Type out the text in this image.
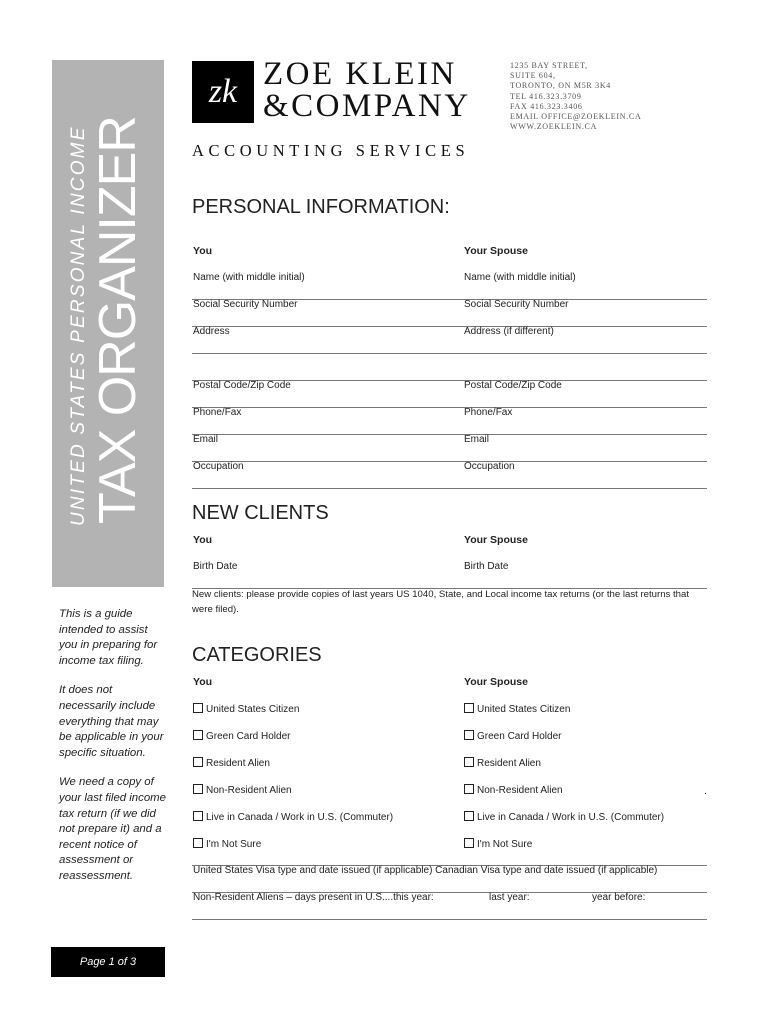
UNITED STATES PERSONAL INCOME TAX ORGANIZER

This is a guide intended to assist you in preparing for income tax filing.

It does not necessarily include everything that may be applicable in your specific situation.

We need a copy of your last filed income tax return (if we did not prepare it) and a recent notice of assessment or reassessment.

Page 1 of 3
zk ZOE KLEIN
&COMPANY
ACCOUNTING SERVICES
1235 BAY STREET,
SUITE 604,
TORONTO, ON M5R 3K4
TEL 416.323.3709
FAX 416.323.3406
EMAIL OFFICE@ZOEKLEIN.CA
WWW.ZOEKLEIN.CA
PERSONAL INFORMATION:
You	Your Spouse
Name (with middle initial)	Name (with middle initial)
Social Security Number	Social Security Number
Address	Address (if different)
Postal Code/Zip Code	Postal Code/Zip Code
Phone/Fax	Phone/Fax
Email	Email
Occupation	Occupation
NEW CLIENTS
You	Your Spouse
Birth Date	Birth Date
New clients: please provide copies of last years US 1040, State, and Local income tax returns (or the last returns that were filed).
CATEGORIES
You	Your Spouse
United States Citizen	United States Citizen
Green Card Holder	Green Card Holder
Resident Alien	Resident Alien
Non-Resident Alien	Non-Resident Alien	.
Live in Canada / Work in U.S. (Commuter)	Live in Canada / Work in U.S. (Commuter)
I'm Not Sure	I'm Not Sure
United States Visa type and date issued (if applicable) Canadian Visa type and date issued (if applicable)
Non-Resident Aliens – days present in U.S....this year:	last year:	year before:
